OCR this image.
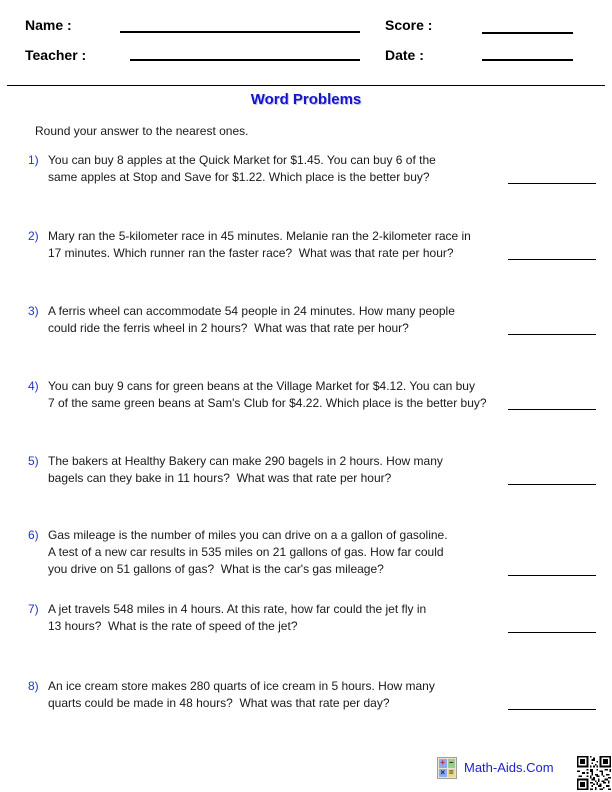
Name :	Score :
Teacher :	Date :
Word Problems
Round your answer to the nearest ones.
1) You can buy 8 apples at the Quick Market for $1.45. You can buy 6 of the
same apples at Stop and Save for $1.22. Which place is the better buy?
2) Mary ran the 5-kilometer race in 45 minutes. Melanie ran the 2-kilometer race in
17 minutes. Which runner ran the faster race?  What was that rate per hour?
3) A ferris wheel can accommodate 54 people in 24 minutes. How many people
could ride the ferris wheel in 2 hours?  What was that rate per hour?
4) You can buy 9 cans for green beans at the Village Market for $4.12. You can buy
7 of the same green beans at Sam's Club for $4.22. Which place is the better buy?
5) The bakers at Healthy Bakery can make 290 bagels in 2 hours. How many
bagels can they bake in 11 hours?  What was that rate per hour?
6) Gas mileage is the number of miles you can drive on a a gallon of gasoline.
A test of a new car results in 535 miles on 21 gallons of gas. How far could
you drive on 51 gallons of gas?  What is the car's gas mileage?
7) A jet travels 548 miles in 4 hours. At this rate, how far could the jet fly in
13 hours?  What is the rate of speed of the jet?
8) An ice cream store makes 280 quarts of ice cream in 5 hours. How many
quarts could be made in 48 hours?  What was that rate per day?
+ −
× = Math-Aids.Com
